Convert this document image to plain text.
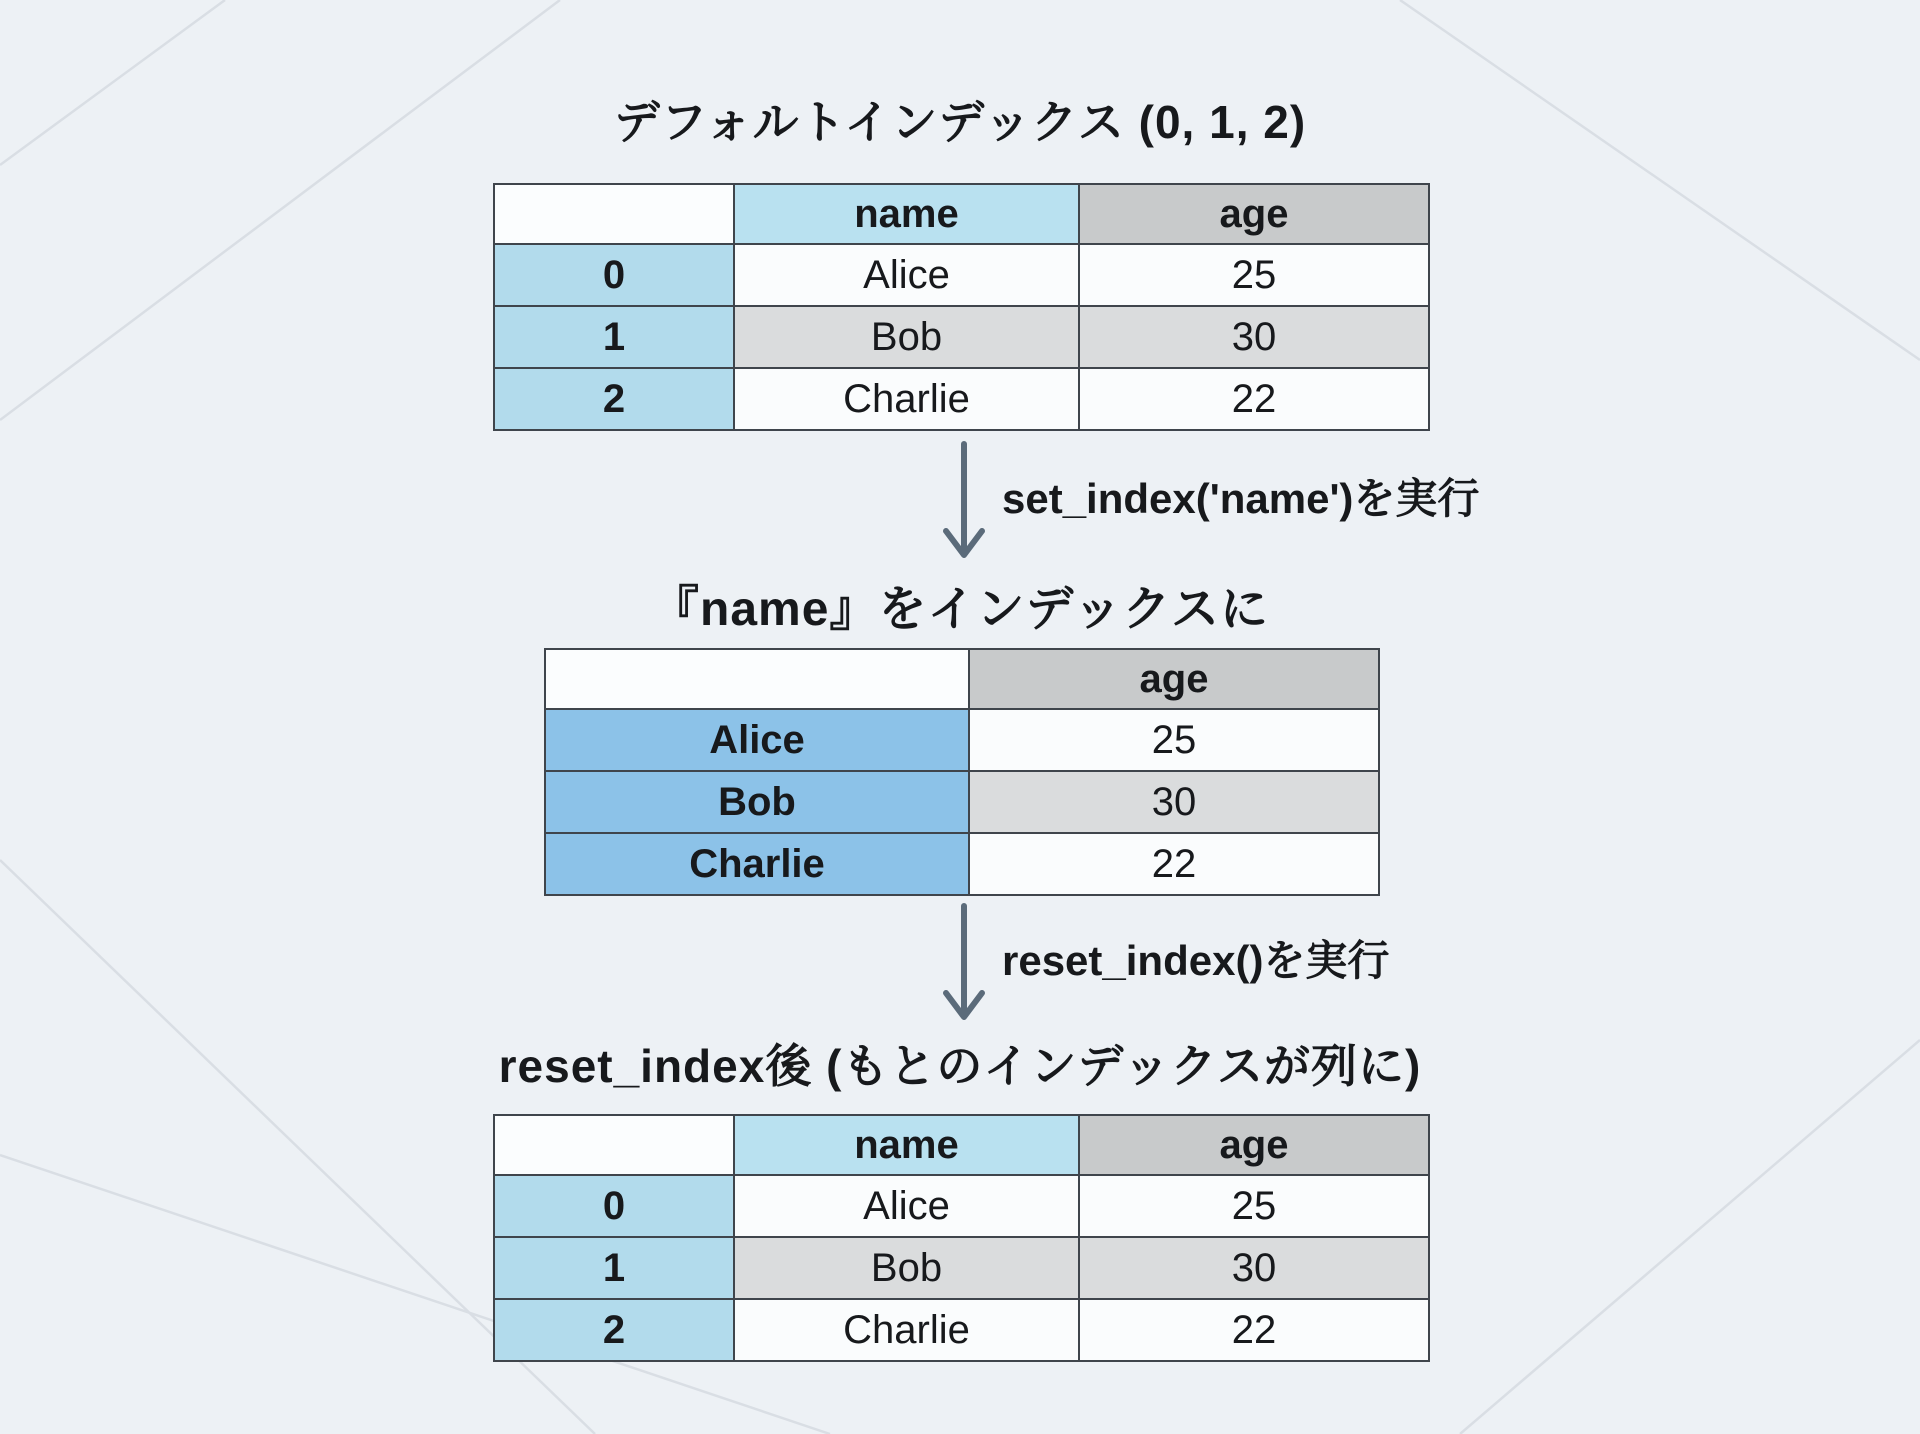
デフォルトインデックス (0, 1, 2)
	name	age
0	Alice	25
1	Bob	30
2	Charlie	22
set_index('name')を実行
『name』をインデックスに
	age
Alice	25
Bob	30
Charlie	22
reset_index()を実行
reset_index後 (もとのインデックスが列に)
	name	age
0	Alice	25
1	Bob	30
2	Charlie	22
